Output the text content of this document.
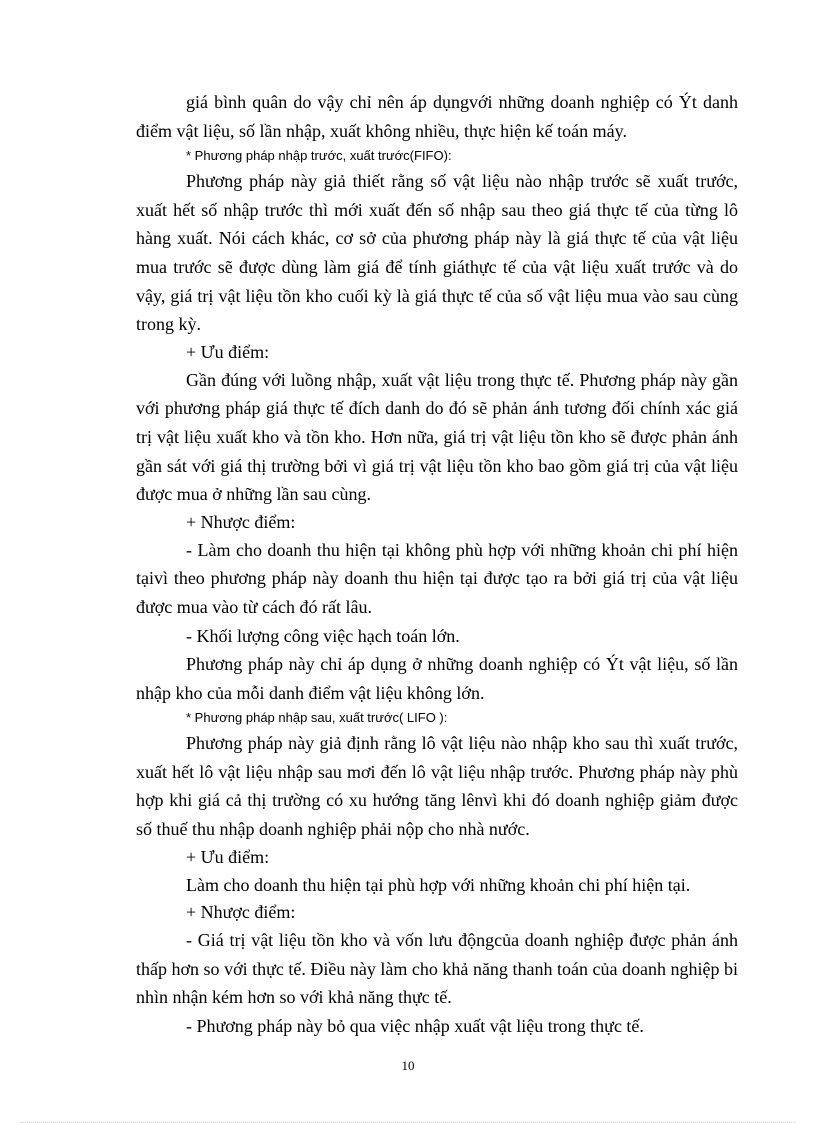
giá bình quân do vậy chỉ nên áp dụngvới những doanh nghiệp có Ýt danh điểm vật liệu, số lần nhập, xuất không nhiều, thực hiện kế toán máy.

* Phương pháp nhập trước, xuất trước(FIFO):

Phương pháp này giả thiết rằng số vật liệu nào nhập trước sẽ xuất trước, xuất hết số nhập trước thì mới xuất đến số nhập sau theo giá thực tế của từng lô hàng xuất. Nói cách khác, cơ sở của phương pháp này là giá thực tế của vật liệu mua trước sẽ được dùng làm giá để tính giáthực tế của vật liệu xuất trước và do vậy, giá trị vật liệu tồn kho cuối kỳ là giá thực tế của số vật liệu mua vào sau cùng trong kỳ.

+ Ưu điểm:

Gần đúng với luồng nhập, xuất vật liệu trong thực tế. Phương pháp này gần với phương pháp giá thực tế đích danh do đó sẽ phản ánh tương đối chính xác giá trị vật liệu xuất kho và tồn kho. Hơn nữa, giá trị vật liệu tồn kho sẽ được phản ánh gần sát với giá thị trường bởi vì giá trị vật liệu tồn kho bao gồm giá trị của vật liệu được mua ở những lần sau cùng.

+ Nhược điểm:

- Làm cho doanh thu hiện tại không phù hợp với những khoản chi phí hiện tạivì theo phương pháp này doanh thu hiện tại được tạo ra bởi giá trị của vật liệu được mua vào từ cách đó rất lâu.

- Khối lượng công việc hạch toán lớn.

Phương pháp này chỉ áp dụng ở những doanh nghiệp có Ýt vật liệu, số lần nhập kho của mỗi danh điểm vật liệu không lớn.

* Phương pháp nhập sau, xuất trước( LIFO ):

Phương pháp này giả định rằng lô vật liệu nào nhập kho sau thì xuất trước, xuất hết lô vật liệu nhập sau mơi đến lô vật liệu nhập trước. Phương pháp này phù hợp khi giá cả thị trường có xu hướng tăng lênvì khi đó doanh nghiệp giảm được số thuế thu nhập doanh nghiệp phải nộp cho nhà nước.

+ Ưu điểm:

Làm cho doanh thu hiện tại phù hợp với những khoản chi phí hiện tại.

+ Nhược điểm:

- Giá trị vật liệu tồn kho và vốn lưu độngcủa doanh nghiệp được phản ánh thấp hơn so với thực tế. Điều này làm cho khả năng thanh toán của doanh nghiệp bi nhìn nhận kém hơn so với khả năng thực tế.

- Phương pháp này bỏ qua việc nhập xuất vật liệu trong thực tế.

10
